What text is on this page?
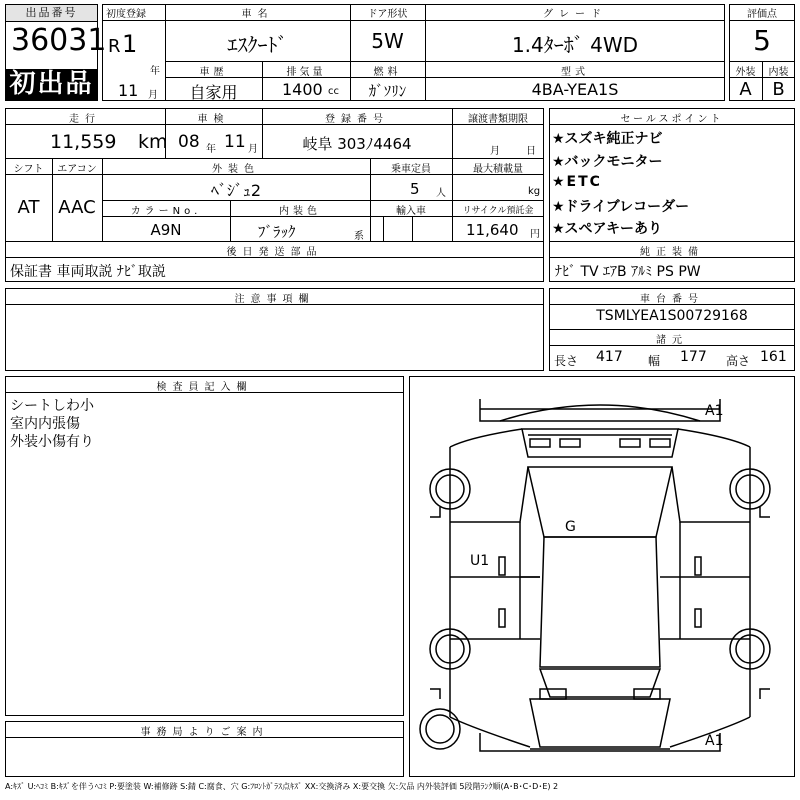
出品番号
36031
初出品
初度登録
R 1
年
11 月
車名
ｴｽｸｰﾄﾞ
ドア形状
5W
グレード
1.4ﾀｰﾎﾞ 4WD
車歴
自家用
排気量
1400 cc
燃料
ｶﾞｿﾘﾝ
型式
4BA-YEA1S
評価点
5
外装	内装
A	B
走行
11,559 km
車検
08 年 11 月
登録番号
岐阜 303ﾉ4464
譲渡書類期限
月	日
シフト	エアコン
AT	AAC
外装色
ﾍﾞｼﾞｭ2
乗車定員
5 人
最大積載量
kg
カラーNo.
A9N
内装色
ﾌﾞﾗｯｸ	系
輸入車	リサイクル預託金
11,640 円
後日発送部品
保証書 車両取説 ﾅﾋﾞ取説
セールスポイント
★スズキ純正ナビ
★バックモニター
★ETC
★ドライブレコーダー
★スペアキーあり
純正装備
ﾅﾋﾞ TV ｴｱB ｱﾙﾐ PS PW
注意事項欄	車台番号
TSMLYEA1S00729168
諸元
長さ 417 幅 177 高さ 161
検査員記入欄
シートしわ小
室内内張傷
外装小傷有り
事務局よりご案内
A1
G
U1
A1
A:ｷｽﾞ U:ﾍｺﾐ B:ｷｽﾞを伴うﾍｺﾐ P:要塗装 W:補修跡 S:錆 C:腐食、穴 G:ﾌﾛﾝﾄｶﾞﾗｽ点ｷｽﾞ XX:交換済み X:要交換 欠:欠品 内外装評価 5段階ﾗﾝｸ順(A･B･C･D･E) 2
